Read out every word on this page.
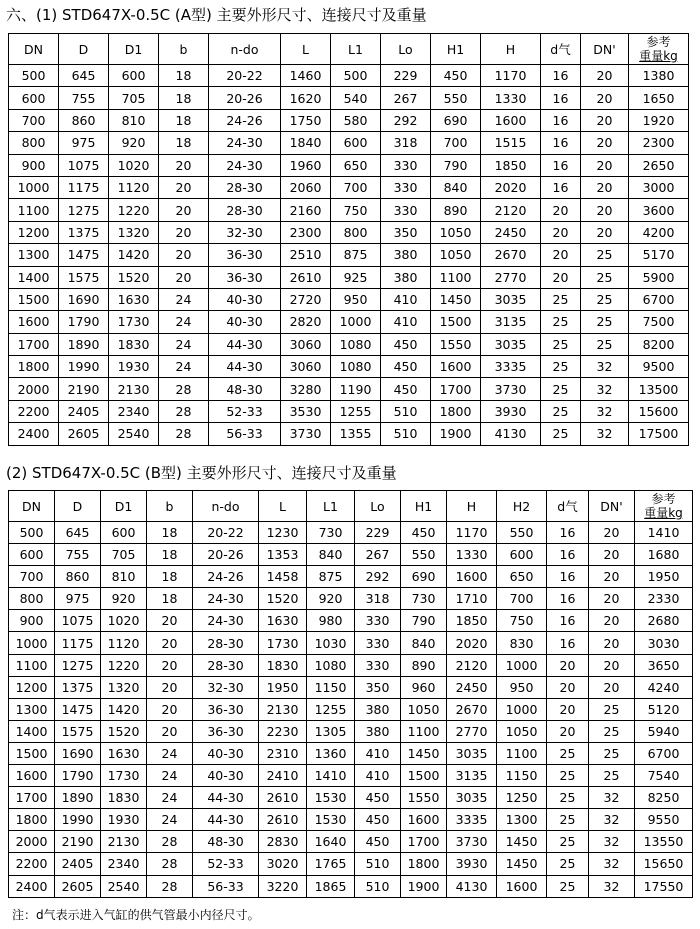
六、(1) STD647X-0.5C (A型) 主要外形尺寸、连接尺寸及重量
DN	D	D1	b	n-do	L	L1	Lo	H1	H	d气	DN'	参考
重量kg

500	645	600	18	20-22	1460	500	229	450	1170	16	20	1380
600	755	705	18	20-26	1620	540	267	550	1330	16	20	1650
700	860	810	18	24-26	1750	580	292	690	1600	16	20	1920
800	975	920	18	24-30	1840	600	318	700	1515	16	20	2300
900	1075	1020	20	24-30	1960	650	330	790	1850	16	20	2650
1000	1175	1120	20	28-30	2060	700	330	840	2020	16	20	3000
1100	1275	1220	20	28-30	2160	750	330	890	2120	20	20	3600
1200	1375	1320	20	32-30	2300	800	350	1050	2450	20	20	4200
1300	1475	1420	20	36-30	2510	875	380	1050	2670	20	25	5170
1400	1575	1520	20	36-30	2610	925	380	1100	2770	20	25	5900
1500	1690	1630	24	40-30	2720	950	410	1450	3035	25	25	6700
1600	1790	1730	24	40-30	2820	1000	410	1500	3135	25	25	7500
1700	1890	1830	24	44-30	3060	1080	450	1550	3035	25	25	8200
1800	1990	1930	24	44-30	3060	1080	450	1600	3335	25	32	9500
2000	2190	2130	28	48-30	3280	1190	450	1700	3730	25	32	13500
2200	2405	2340	28	52-33	3530	1255	510	1800	3930	25	32	15600
2400	2605	2540	28	56-33	3730	1355	510	1900	4130	25	32	17500
(2) STD647X-0.5C (B型) 主要外形尺寸、连接尺寸及重量
DN	D	D1	b	n-do	L	L1	Lo	H1	H	H2	d气	DN'	参考
重量kg

500	645	600	18	20-22	1230	730	229	450	1170	550	16	20	1410
600	755	705	18	20-26	1353	840	267	550	1330	600	16	20	1680
700	860	810	18	24-26	1458	875	292	690	1600	650	16	20	1950
800	975	920	18	24-30	1520	920	318	730	1710	700	16	20	2330
900	1075	1020	20	24-30	1630	980	330	790	1850	750	16	20	2680
1000	1175	1120	20	28-30	1730	1030	330	840	2020	830	16	20	3030
1100	1275	1220	20	28-30	1830	1080	330	890	2120	1000	20	20	3650
1200	1375	1320	20	32-30	1950	1150	350	960	2450	950	20	20	4240
1300	1475	1420	20	36-30	2130	1255	380	1050	2670	1000	20	25	5120
1400	1575	1520	20	36-30	2230	1305	380	1100	2770	1050	20	25	5940
1500	1690	1630	24	40-30	2310	1360	410	1450	3035	1100	25	25	6700
1600	1790	1730	24	40-30	2410	1410	410	1500	3135	1150	25	25	7540
1700	1890	1830	24	44-30	2610	1530	450	1550	3035	1250	25	32	8250
1800	1990	1930	24	44-30	2610	1530	450	1600	3335	1300	25	32	9550
2000	2190	2130	28	48-30	2830	1640	450	1700	3730	1450	25	32	13550
2200	2405	2340	28	52-33	3020	1765	510	1800	3930	1450	25	32	15650
2400	2605	2540	28	56-33	3220	1865	510	1900	4130	1600	25	32	17550
注：d气表示进入气缸的供气管最小内径尺寸。
